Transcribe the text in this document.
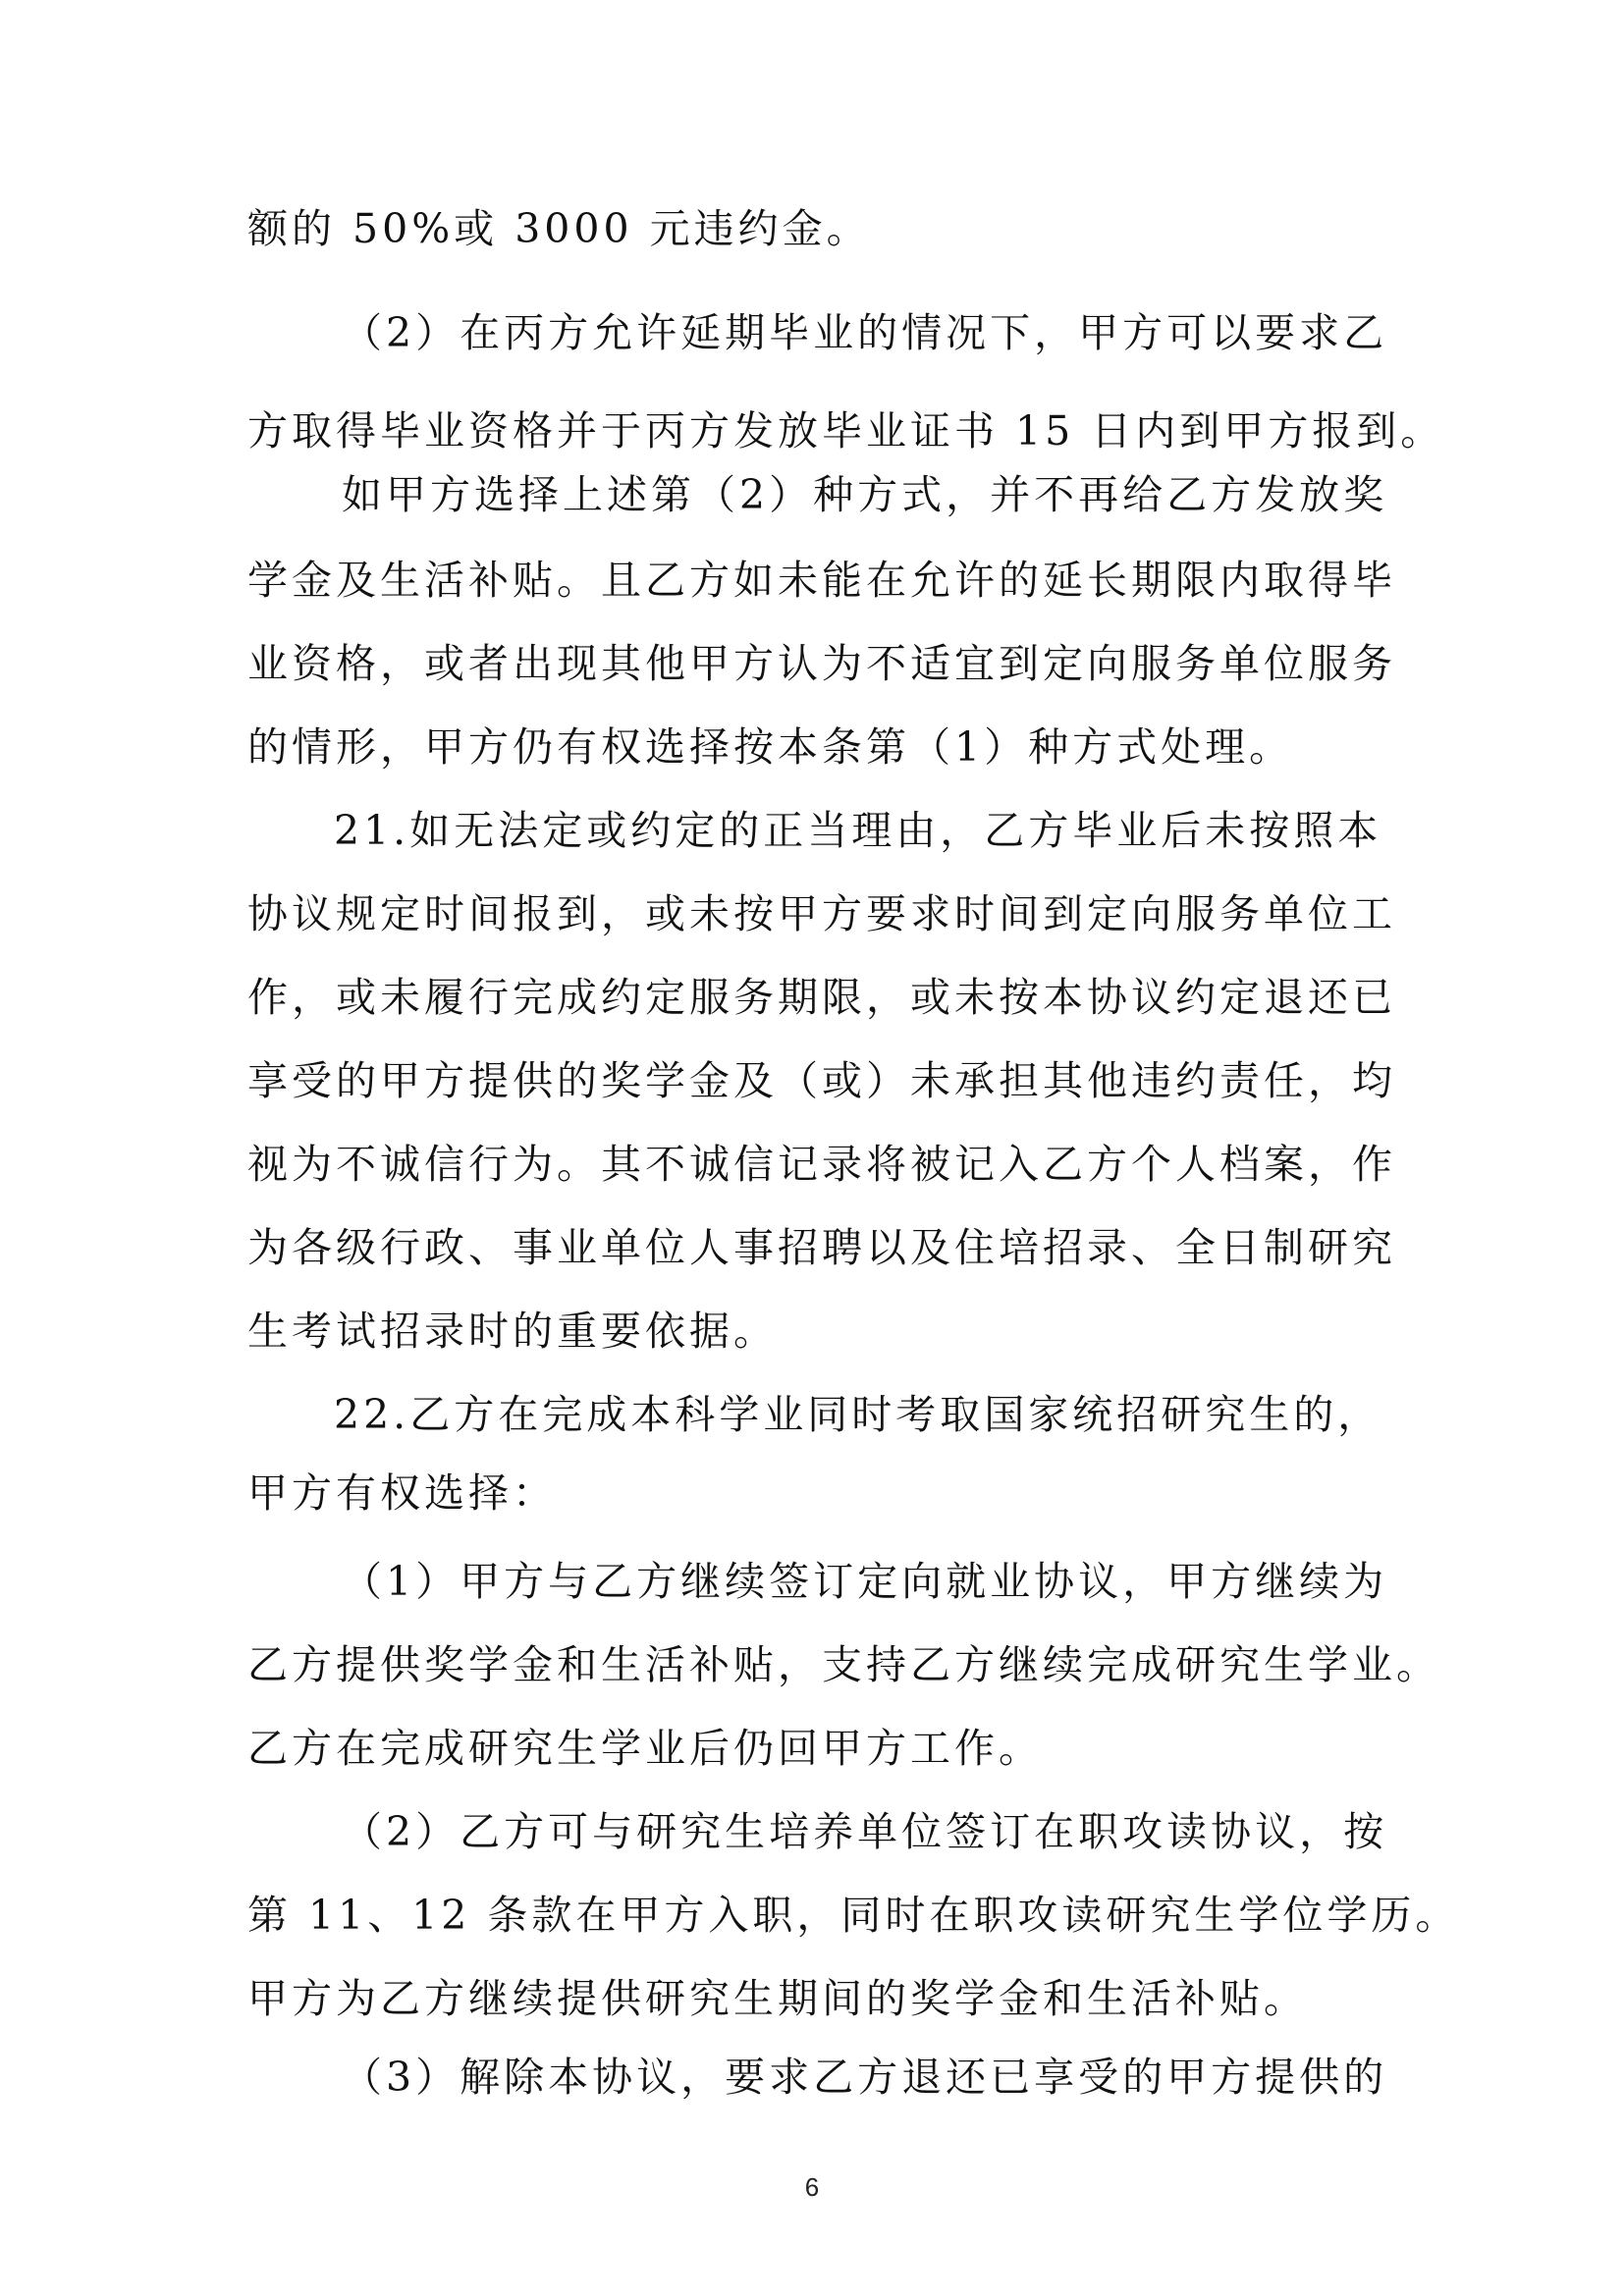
额的 50%或 3000 元违约金。
（2）在丙方允许延期毕业的情况下，甲方可以要求乙
方取得毕业资格并于丙方发放毕业证书 15 日内到甲方报到。
如甲方选择上述第（2）种方式，并不再给乙方发放奖
学金及生活补贴。且乙方如未能在允许的延长期限内取得毕
业资格，或者出现其他甲方认为不适宜到定向服务单位服务
的情形，甲方仍有权选择按本条第（1）种方式处理。
21.如无法定或约定的正当理由，乙方毕业后未按照本
协议规定时间报到，或未按甲方要求时间到定向服务单位工
作，或未履行完成约定服务期限，或未按本协议约定退还已
享受的甲方提供的奖学金及（或）未承担其他违约责任，均
视为不诚信行为。其不诚信记录将被记入乙方个人档案，作
为各级行政、事业单位人事招聘以及住培招录、全日制研究
生考试招录时的重要依据。
22.乙方在完成本科学业同时考取国家统招研究生的，
甲方有权选择：
（1）甲方与乙方继续签订定向就业协议，甲方继续为
乙方提供奖学金和生活补贴，支持乙方继续完成研究生学业。
乙方在完成研究生学业后仍回甲方工作。
（2）乙方可与研究生培养单位签订在职攻读协议，按
第 11、12 条款在甲方入职，同时在职攻读研究生学位学历。
甲方为乙方继续提供研究生期间的奖学金和生活补贴。
（3）解除本协议，要求乙方退还已享受的甲方提供的
6
